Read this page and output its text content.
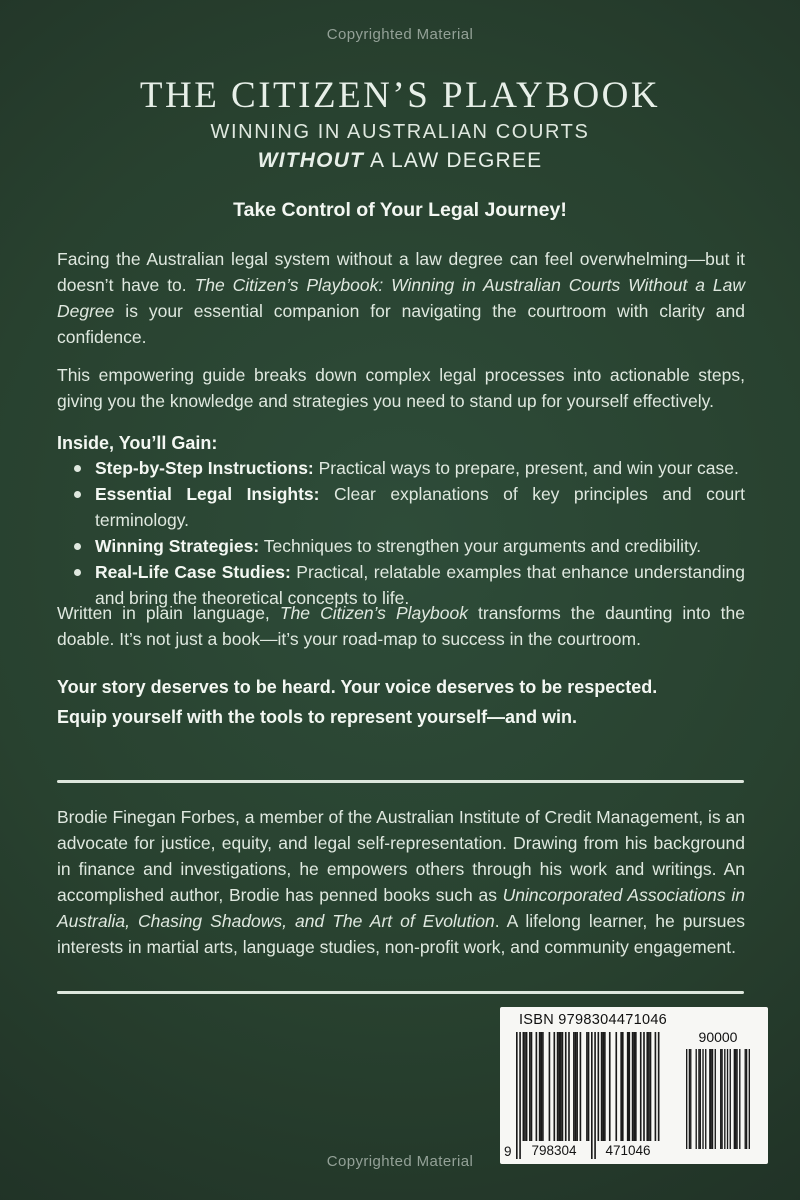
Copyrighted Material
THE CITIZEN’S PLAYBOOK
WINNING IN AUSTRALIAN COURTS
WITHOUT A LAW DEGREE
Take Control of Your Legal Journey!

Facing the Australian legal system without a law degree can feel overwhelming—but it doesn’t have to. The Citizen’s Playbook: Winning in Australian Courts Without a Law Degree is your essential companion for navigating the courtroom with clarity and confidence.

This empowering guide breaks down complex legal processes into actionable steps, giving you the knowledge and strategies you need to stand up for yourself effectively.

Inside, You’ll Gain:
Step-by-Step Instructions: Practical ways to prepare, present, and win your case.
Essential Legal Insights: Clear explanations of key principles and court terminology.
Winning Strategies: Techniques to strengthen your arguments and credibility.
Real-Life Case Studies: Practical, relatable examples that enhance understanding and bring the theoretical concepts to life.

Written in plain language, The Citizen’s Playbook transforms the daunting into the doable. It’s not just a book—it’s your road-map to success in the courtroom.

Your story deserves to be heard. Your voice deserves to be respected.
Equip yourself with the tools to represent yourself—and win.

Brodie Finegan Forbes, a member of the Australian Institute of Credit Management, is an advocate for justice, equity, and legal self-representation. Drawing from his background in finance and investigations, he empowers others through his work and writings. An accomplished author, Brodie has penned books such as Unincorporated Associations in Australia, Chasing Shadows, and The Art of Evolution. A lifelong learner, he pursues interests in martial arts, language studies, non-profit work, and community engagement.

ISBN 9798304471046
9	798304	471046
90000
Copyrighted Material
